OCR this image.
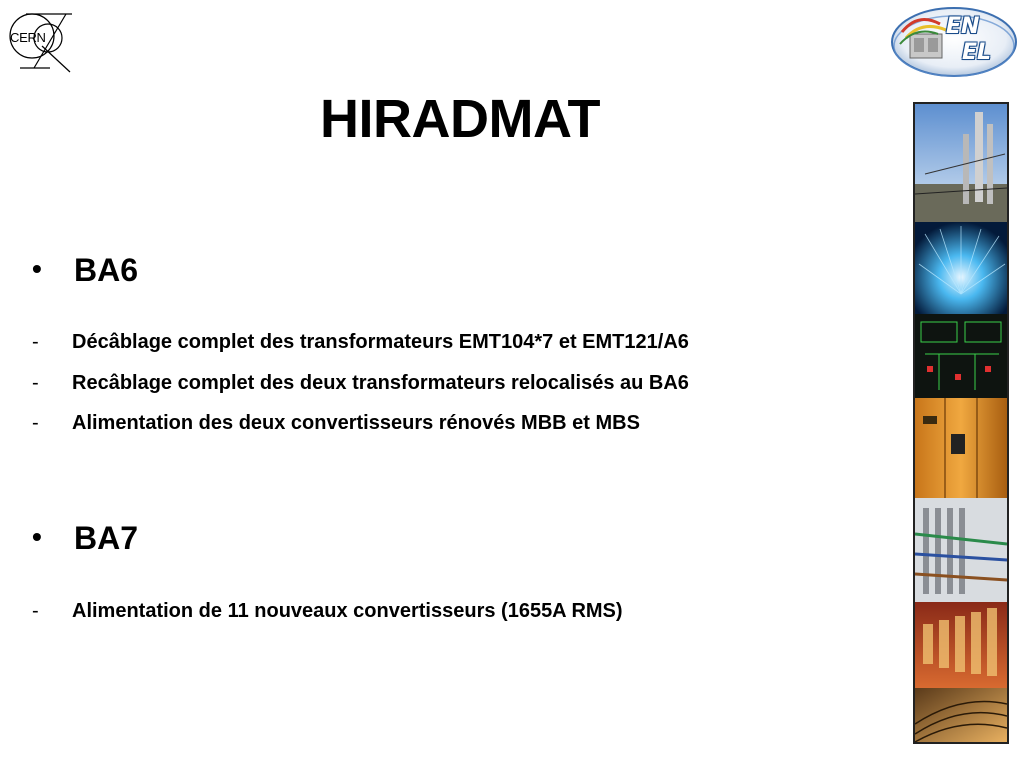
CERN	EN
EL
HIRADMAT
• BA6
- Décâblage complet des transformateurs EMT104*7 et EMT121/A6
- Recâblage complet des deux transformateurs relocalisés au BA6
- Alimentation des deux convertisseurs rénovés MBB et MBS
• BA7
- Alimentation de 11 nouveaux convertisseurs (1655A RMS)
